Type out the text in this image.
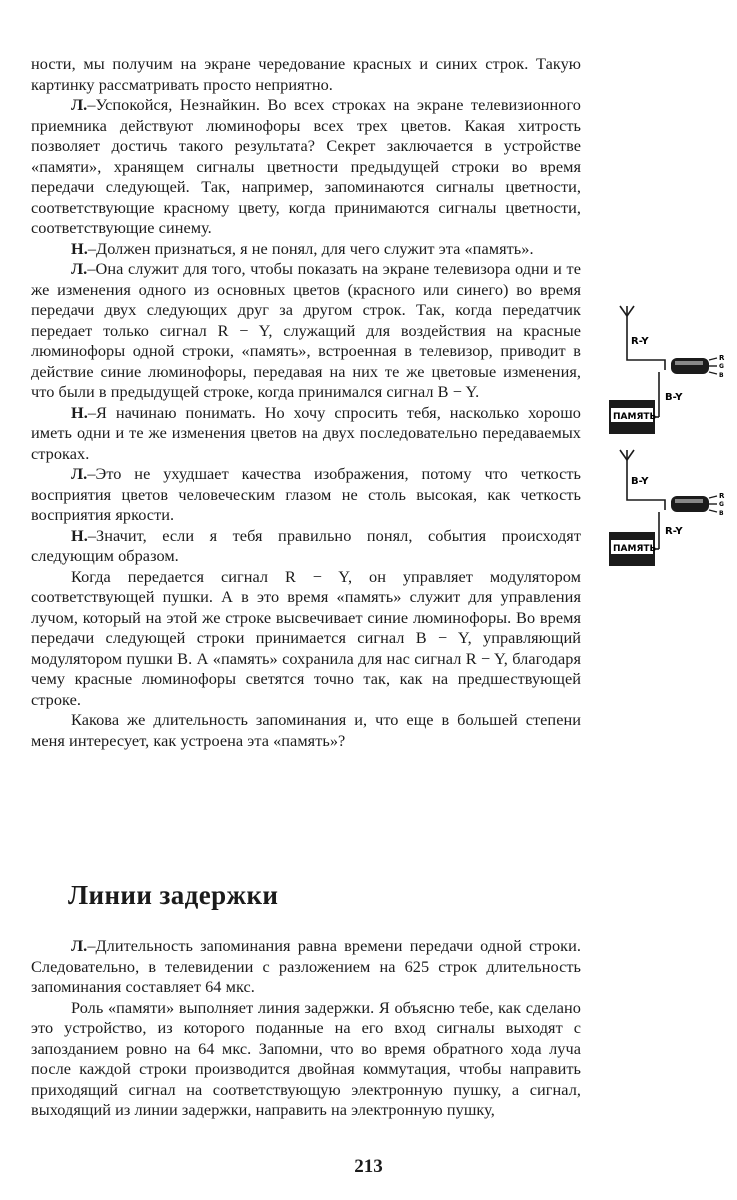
ности, мы получим на экране чередование красных и синих строк. Такую картинку рассматривать просто неприятно.

Л.–Успокойся, Незнайкин. Во всех строках на экране телевизионного приемника действуют люминофоры всех трех цветов. Какая хитрость позволяет достичь такого результата? Секрет заключается в устройстве «памяти», хранящем сигналы цветности предыдущей строки во время передачи следующей. Так, например, запоминаются сигналы цветности, соответствующие красному цвету, когда принимаются сигналы цветности, соответствующие синему.

Н.–Должен признаться, я не понял, для чего служит эта «память».

Л.–Она служит для того, чтобы показать на экране телевизора одни и те же изменения одного из основных цветов (красного или синего) во время передачи двух следующих друг за другом строк. Так, когда передатчик передает только сигнал R − Y, служащий для воздействия на красные люминофоры одной строки, «память», встроенная в телевизор, приводит в действие синие люминофоры, передавая на них те же цветовые изменения, что были в предыдущей строке, когда принимался сигнал B − Y.

Н.–Я начинаю понимать. Но хочу спросить тебя, насколько хорошо иметь одни и те же изменения цветов на двух последовательно передаваемых строках.

Л.–Это не ухудшает качества изображения, потому что четкость восприятия цветов человеческим глазом не столь высокая, как четкость восприятия яркости.

Н.–Значит, если я тебя правильно понял, события происходят следующим образом.

Когда передается сигнал R − Y, он управляет модулятором соответствующей пушки. А в это время «память» служит для управления лучом, который на этой же строке высвечивает синие люминофоры. Во время передачи следующей строки принимается сигнал B − Y, управляющий модулятором пушки B. А «память» сохранила для нас сигнал R − Y, благодаря чему красные люминофоры светятся точно так, как на предшествующей строке.

Какова же длительность запоминания и, что еще в большей степени меня интересует, как устроена эта «память»?

Линии задержки

Л.–Длительность запоминания равна времени передачи одной строки. Следовательно, в телевидении с разложением на 625 строк длительность запоминания составляет 64 мкс.

Роль «памяти» выполняет линия задержки. Я объясню тебе, как сделано это устройство, из которого поданные на его вход сигналы выходят с запозданием ровно на 64 мкс. Запомни, что во время обратного хода луча после каждой строки производится двойная коммутация, чтобы направить приходящий сигнал на соответствующую электронную пушку, а сигнал, выходящий из линии задержки, направить на электронную пушку,

R-Y
ПАМЯТЬ
B-Y
R
G
B
B-Y
ПАМЯТЬ
R-Y
R
G
B
213
